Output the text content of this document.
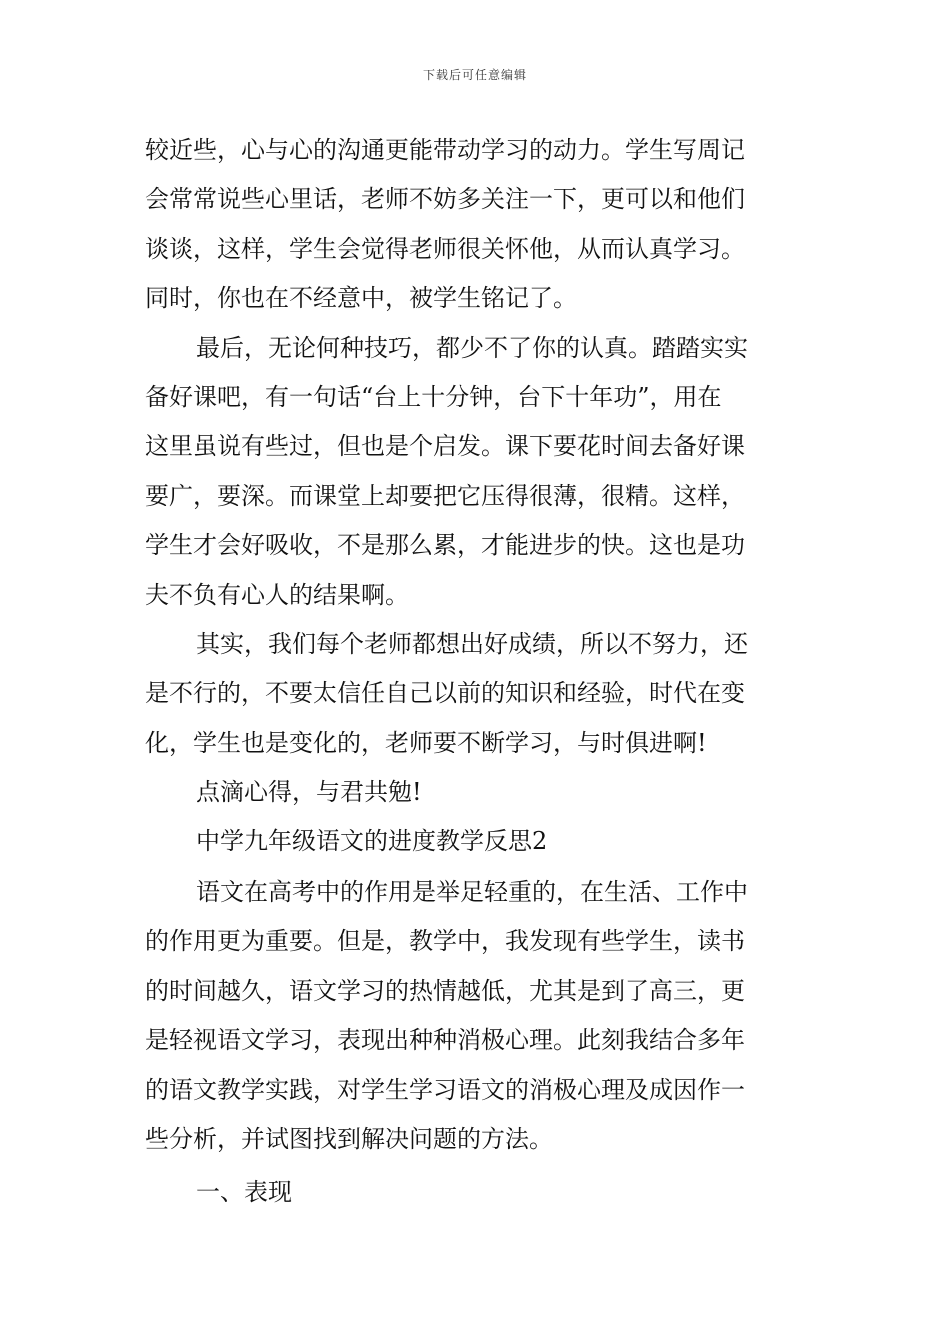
下载后可任意编辑
较近些，心与心的沟通更能带动学习的动力。学生写周记
会常常说些心里话，老师不妨多关注一下，更可以和他们
谈谈，这样，学生会觉得老师很关怀他，从而认真学习。
同时，你也在不经意中，被学生铭记了。
最后，无论何种技巧，都少不了你的认真。踏踏实实
备好课吧，有一句话“台上十分钟，台下十年功”，用在
这里虽说有些过，但也是个启发。课下要花时间去备好课
要广，要深。而课堂上却要把它压得很薄，很精。这样，
学生才会好吸收，不是那么累，才能进步的快。这也是功
夫不负有心人的结果啊。
其实，我们每个老师都想出好成绩，所以不努力，还
是不行的，不要太信任自己以前的知识和经验，时代在变
化，学生也是变化的，老师要不断学习，与时俱进啊!
点滴心得，与君共勉!
中学九年级语文的进度教学反思2
语文在高考中的作用是举足轻重的，在生活、工作中
的作用更为重要。但是，教学中，我发现有些学生，读书
的时间越久，语文学习的热情越低，尤其是到了高三，更
是轻视语文学习，表现出种种消极心理。此刻我结合多年
的语文教学实践，对学生学习语文的消极心理及成因作一
些分析，并试图找到解决问题的方法。
一、表现
